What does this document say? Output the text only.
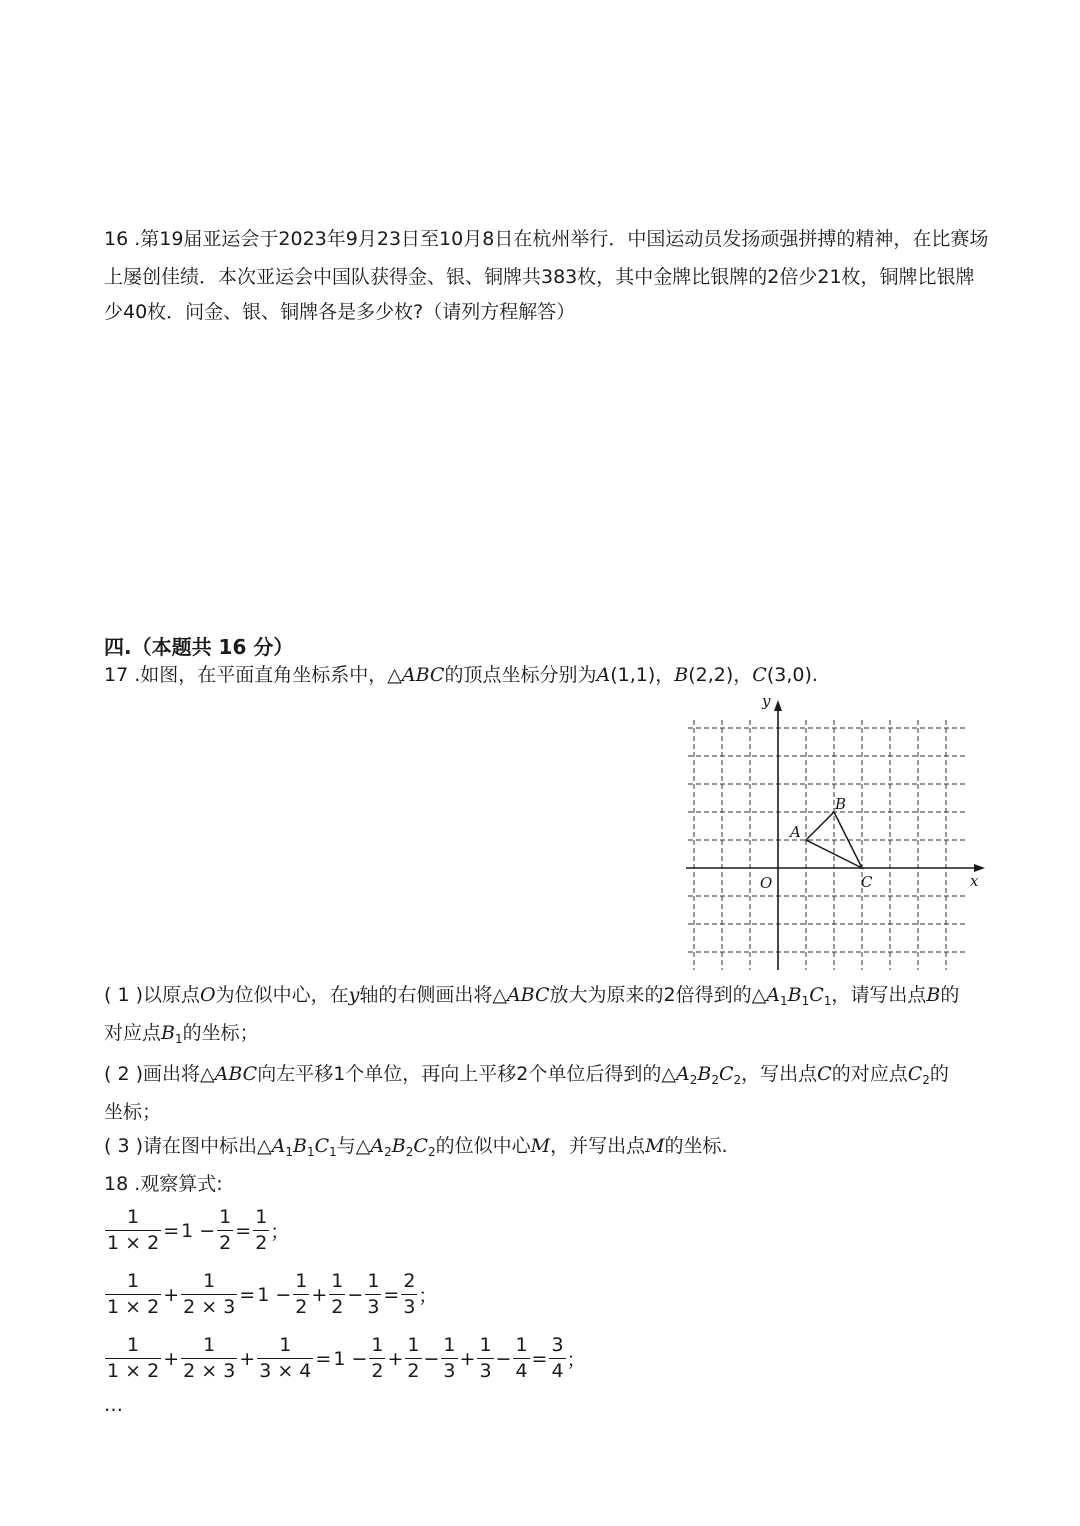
16 .第19届亚运会于2023年9月23日至10月8日在杭州举行．中国运动员发扬顽强拼搏的精神，在比赛场
上屡创佳绩．本次亚运会中国队获得金、银、铜牌共383枚，其中金牌比银牌的2倍少21枚，铜牌比银牌
少40枚．问金、银、铜牌各是多少枚?（请列方程解答）
四.（本题共 16 分）
17 .如图，在平面直角坐标系中，△ABC的顶点坐标分别为A(1,1)，B(2,2)，C(3,0).
y
x
O
A
B
C
( 1 )以原点O为位似中心，在y轴的右侧画出将△ABC放大为原来的2倍得到的$\triangle A_1B_1C_1$，请写出点B的
对应点$B_1$的坐标；
( 2 )画出将△ABC向左平移1个单位，再向上平移2个单位后得到的$\triangle A_2B_2C_2$，写出点C的对应点$C_2$的
坐标；
( 3 )请在图中标出$\triangle A_1B_1C_1$与$\triangle A_2B_2C_2$的位似中心M，并写出点M的坐标.
18 .观察算式:
$\frac{1}{1 \times 2} = 1 - \frac{1}{2} = \frac{1}{2}$ ；
$\frac{1}{1 \times 2} + \frac{1}{2 \times 3} = 1 - \frac{1}{2} + \frac{1}{2} - \frac{1}{3} = \frac{2}{3}$ ；
$\frac{1}{1 \times 2} + \frac{1}{2 \times 3} + \frac{1}{3 \times 4} = 1 - \frac{1}{2} + \frac{1}{2} - \frac{1}{3} + \frac{1}{3} - \frac{1}{4} = \frac{3}{4}$ ；
…
